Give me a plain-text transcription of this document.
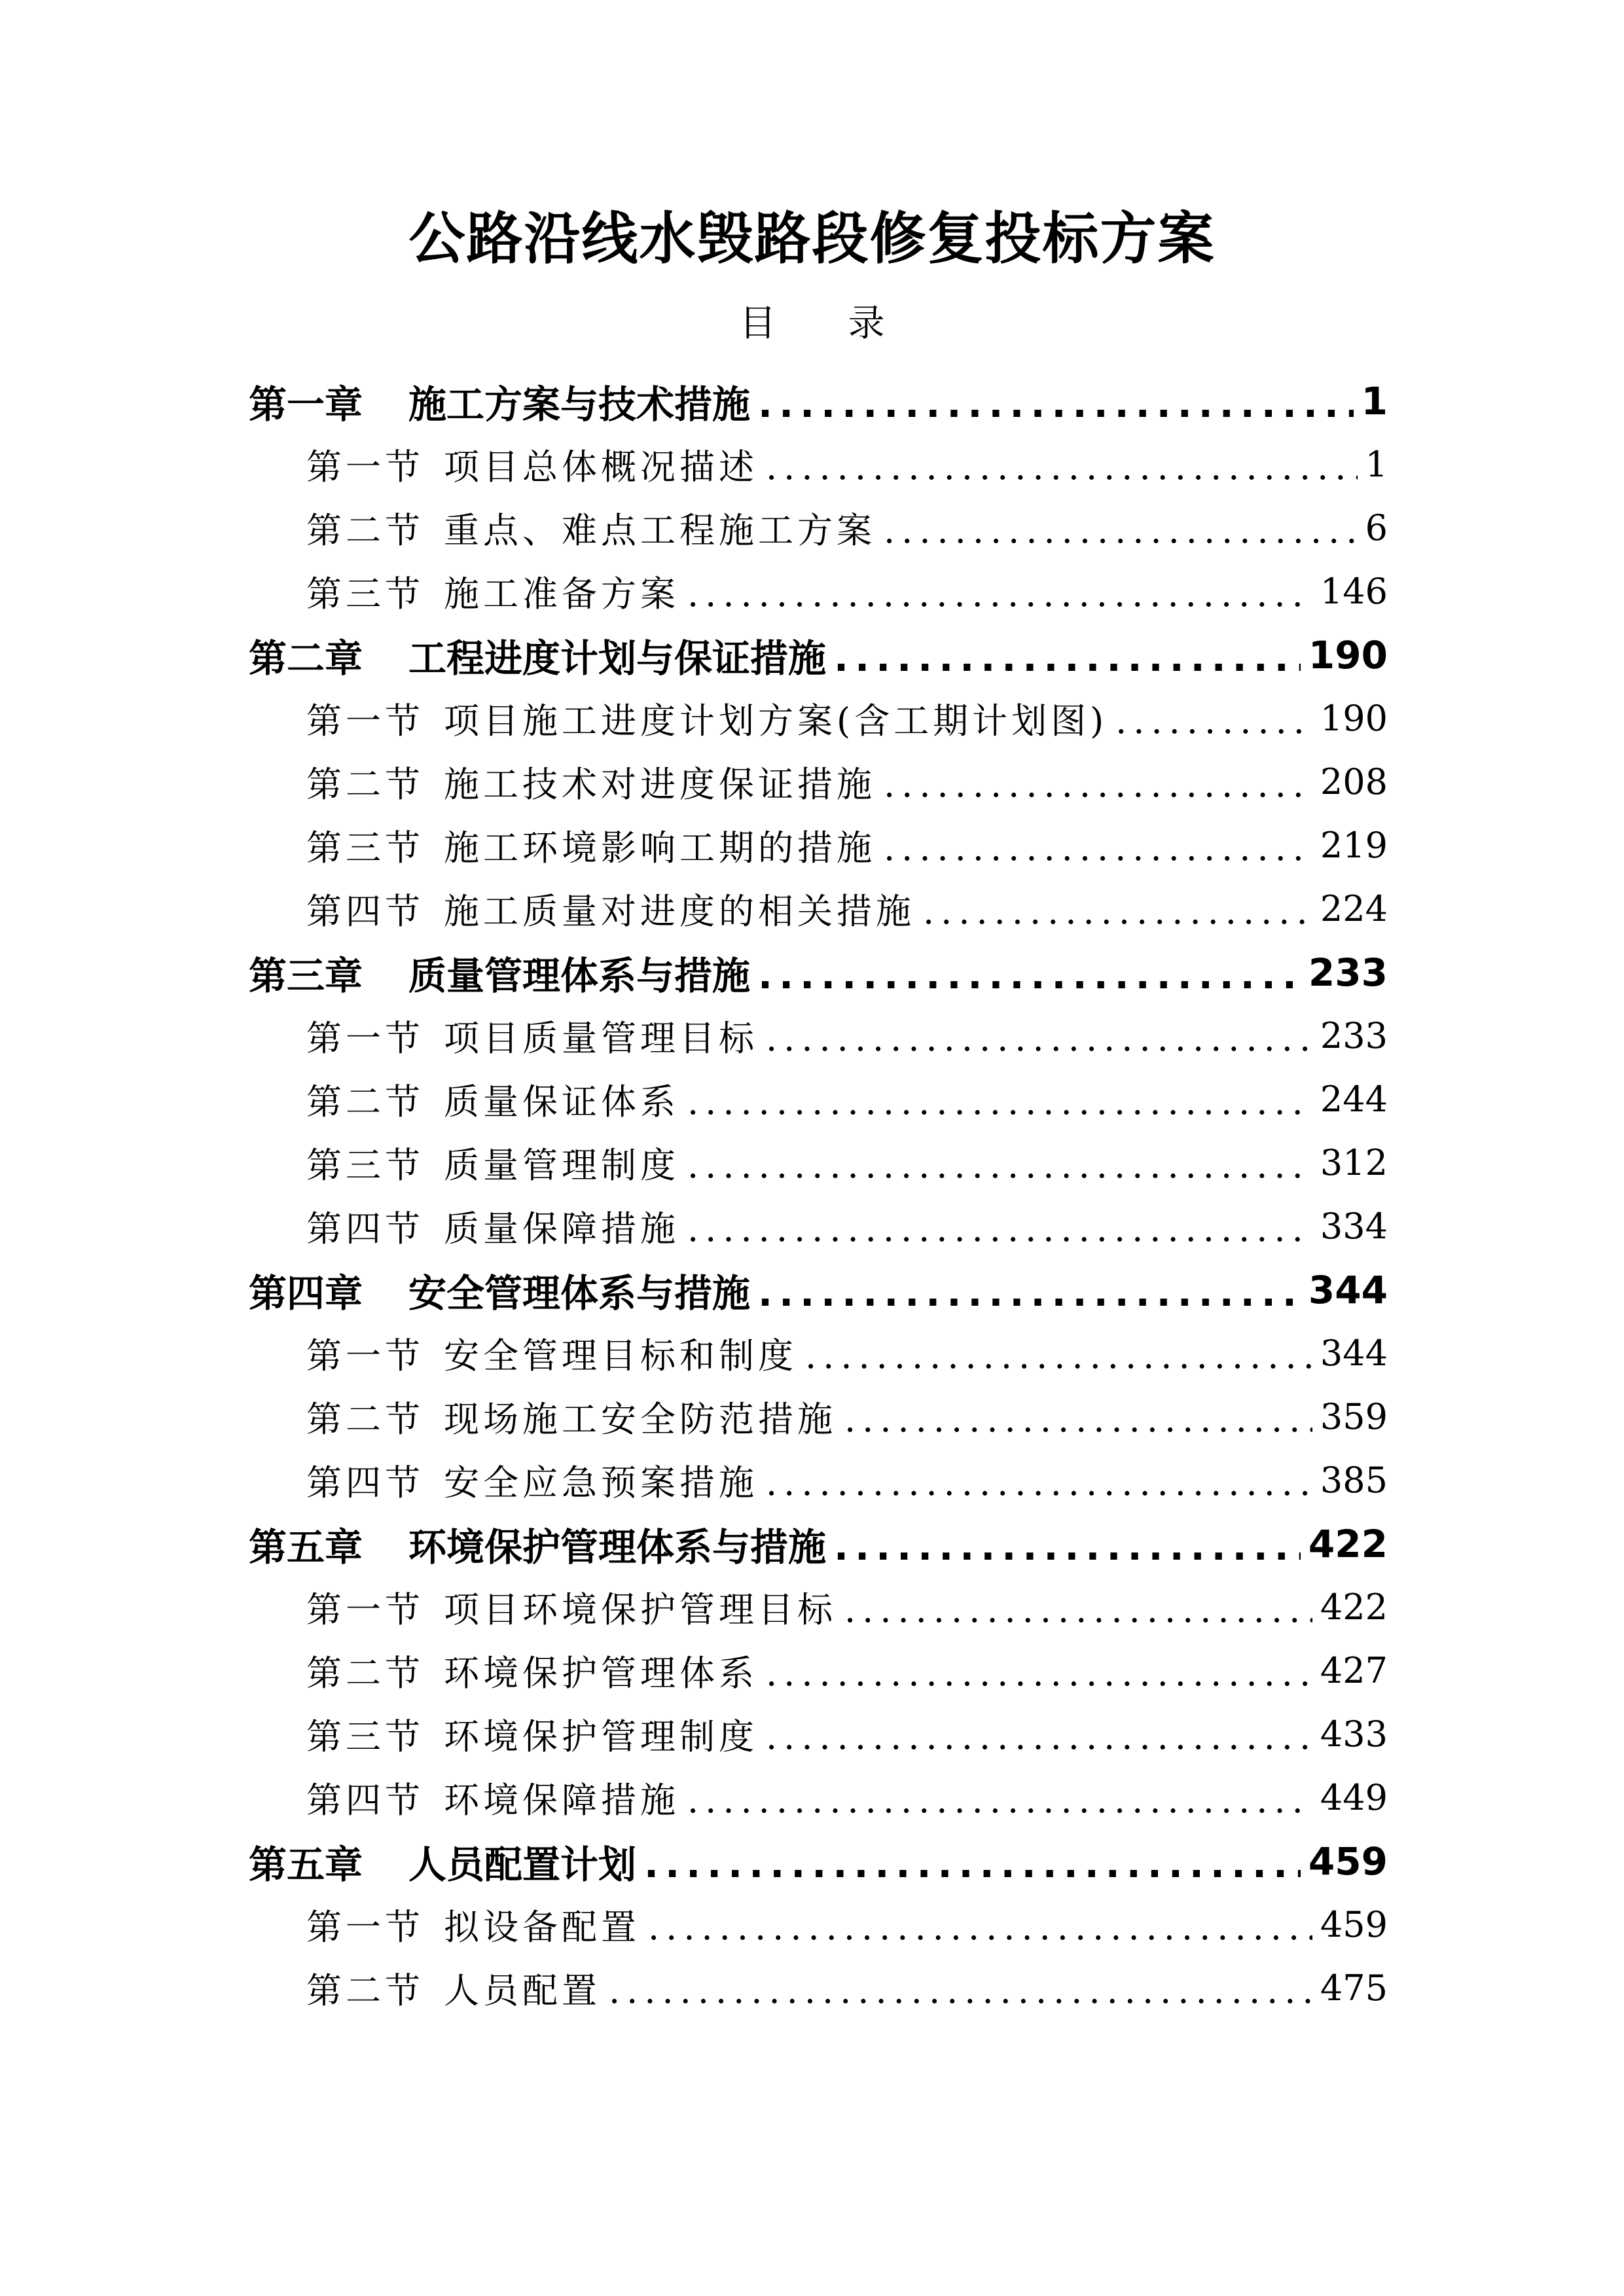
公路沿线水毁路段修复投标方案
目 录
第一章 施工方案与技术措施 .....	1
第一节 项目总体概况描述 .....	1
第二节 重点、难点工程施工方案 .....	6
第三节 施工准备方案 .....	146
第二章 工程进度计划与保证措施 .....	190
第一节 项目施工进度计划方案(含工期计划图) .....	190
第二节 施工技术对进度保证措施 .....	208
第三节 施工环境影响工期的措施 .....	219
第四节 施工质量对进度的相关措施 .....	224
第三章 质量管理体系与措施 .....	233
第一节 项目质量管理目标 .....	233
第二节 质量保证体系 .....	244
第三节 质量管理制度 .....	312
第四节 质量保障措施 .....	334
第四章 安全管理体系与措施 .....	344
第一节 安全管理目标和制度 .....	344
第二节 现场施工安全防范措施 .....	359
第四节 安全应急预案措施 .....	385
第五章 环境保护管理体系与措施 .....	422
第一节 项目环境保护管理目标 .....	422
第二节 环境保护管理体系 .....	427
第三节 环境保护管理制度 .....	433
第四节 环境保障措施 .....	449
第五章 人员配置计划 .....	459
第一节 拟设备配置 .....	459
第二节 人员配置 .....	475
